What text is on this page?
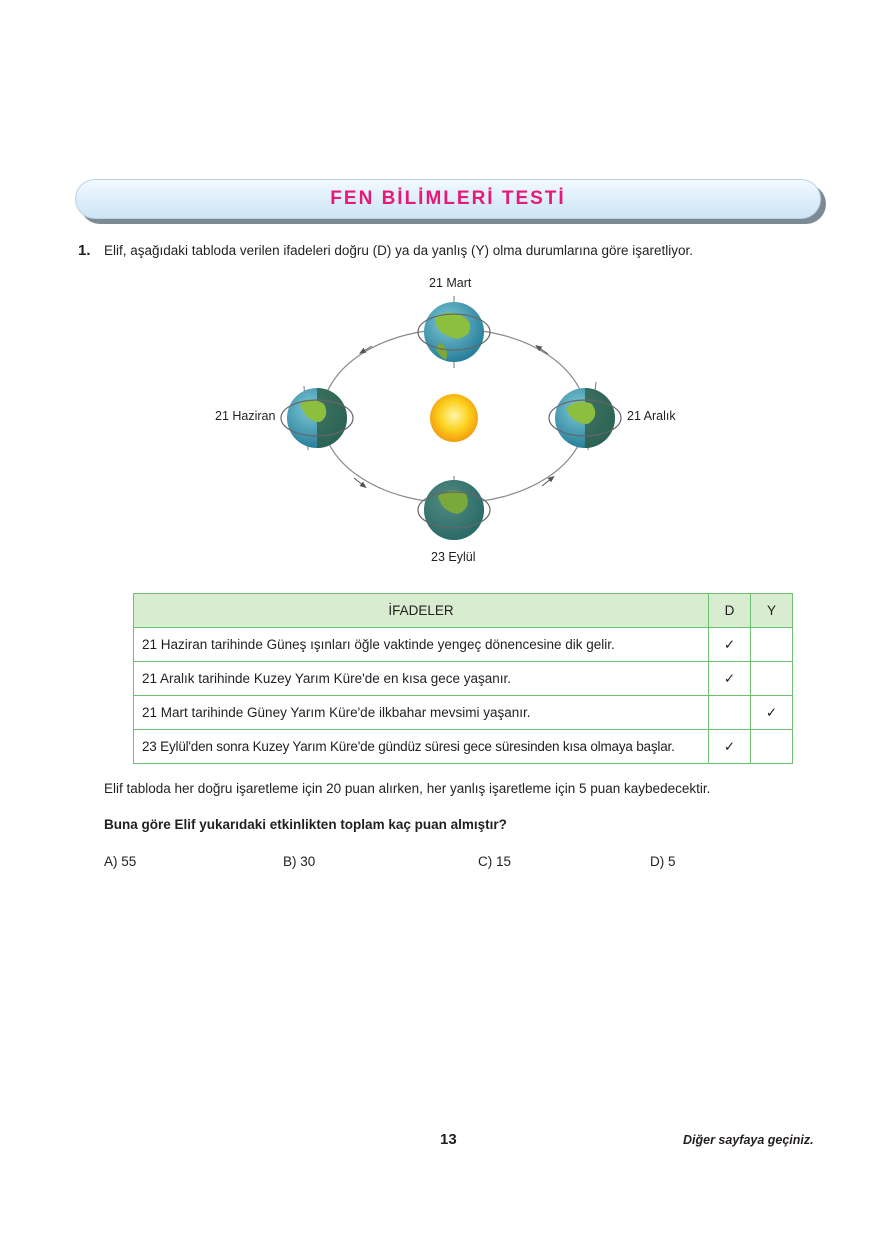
FEN BİLİMLERİ TESTİ
1. Elif, aşağıdaki tabloda verilen ifadeleri doğru (D) ya da yanlış (Y) olma durumlarına göre işaretliyor.
21 Mart
21 Haziran	21 Aralık
23 Eylül
İFADELER	D	Y
21 Haziran tarihinde Güneş ışınları öğle vaktinde yengeç dönencesine dik gelir.	✓	
21 Aralık tarihinde Kuzey Yarım Küre'de en kısa gece yaşanır.	✓	
21 Mart tarihinde Güney Yarım Küre'de ilkbahar mevsimi yaşanır.		✓
23 Eylül'den sonra Kuzey Yarım Küre'de gündüz süresi gece süresinden kısa olmaya başlar.	✓	
Elif tabloda her doğru işaretleme için 20 puan alırken, her yanlış işaretleme için 5 puan kaybedecektir.
Buna göre Elif yukarıdaki etkinlikten toplam kaç puan almıştır?
A) 55	B) 30	C) 15	D) 5
13	Diğer sayfaya geçiniz.
